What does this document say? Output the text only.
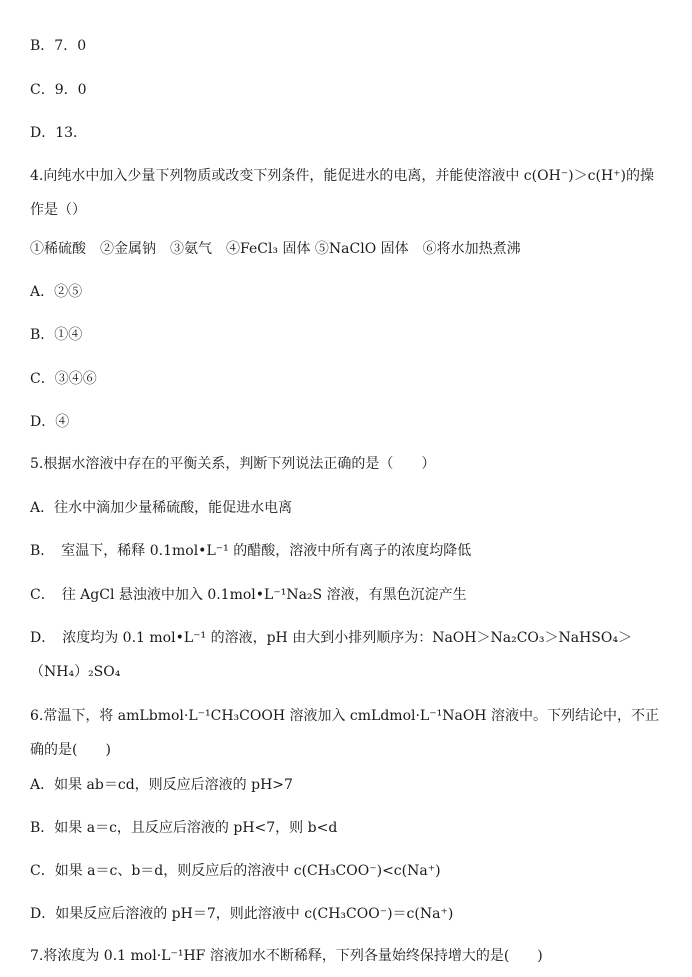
B．7．0
C．9．0
D．13．
4.向纯水中加入少量下列物质或改变下列条件，能促进水的电离，并能使溶液中 c(OH⁻)＞c(H⁺)的操作是（）
①稀硫酸　②金属钠　③氨气　④FeCl₃ 固体 ⑤NaClO 固体　⑥将水加热煮沸
A．②⑤
B．①④
C．③④⑥
D．④
5.根据水溶液中存在的平衡关系，判断下列说法正确的是（　　）
A．往水中滴加少量稀硫酸，能促进水电离
B．　室温下，稀释 0.1mol•L⁻¹ 的醋酸，溶液中所有离子的浓度均降低
C．　往 AgCl 悬浊液中加入 0.1mol•L⁻¹Na₂S 溶液，有黑色沉淀产生
D．　浓度均为 0.1 mol•L⁻¹ 的溶液，pH 由大到小排列顺序为：NaOH＞Na₂CO₃＞NaHSO₄＞（NH₄）₂SO₄
6.常温下，将 amLbmol·L⁻¹CH₃COOH 溶液加入 cmLdmol·L⁻¹NaOH 溶液中。下列结论中，不正确的是(　　)
A．如果 ab＝cd，则反应后溶液的 pH>7
B．如果 a＝c，且反应后溶液的 pH<7，则 b<d
C．如果 a＝c、b＝d，则反应后的溶液中 c(CH₃COO⁻)<c(Na⁺)
D．如果反应后溶液的 pH＝7，则此溶液中 c(CH₃COO⁻)＝c(Na⁺)
7.将浓度为 0.1 mol·L⁻¹HF 溶液加水不断稀释，下列各量始终保持增大的是(　　)
